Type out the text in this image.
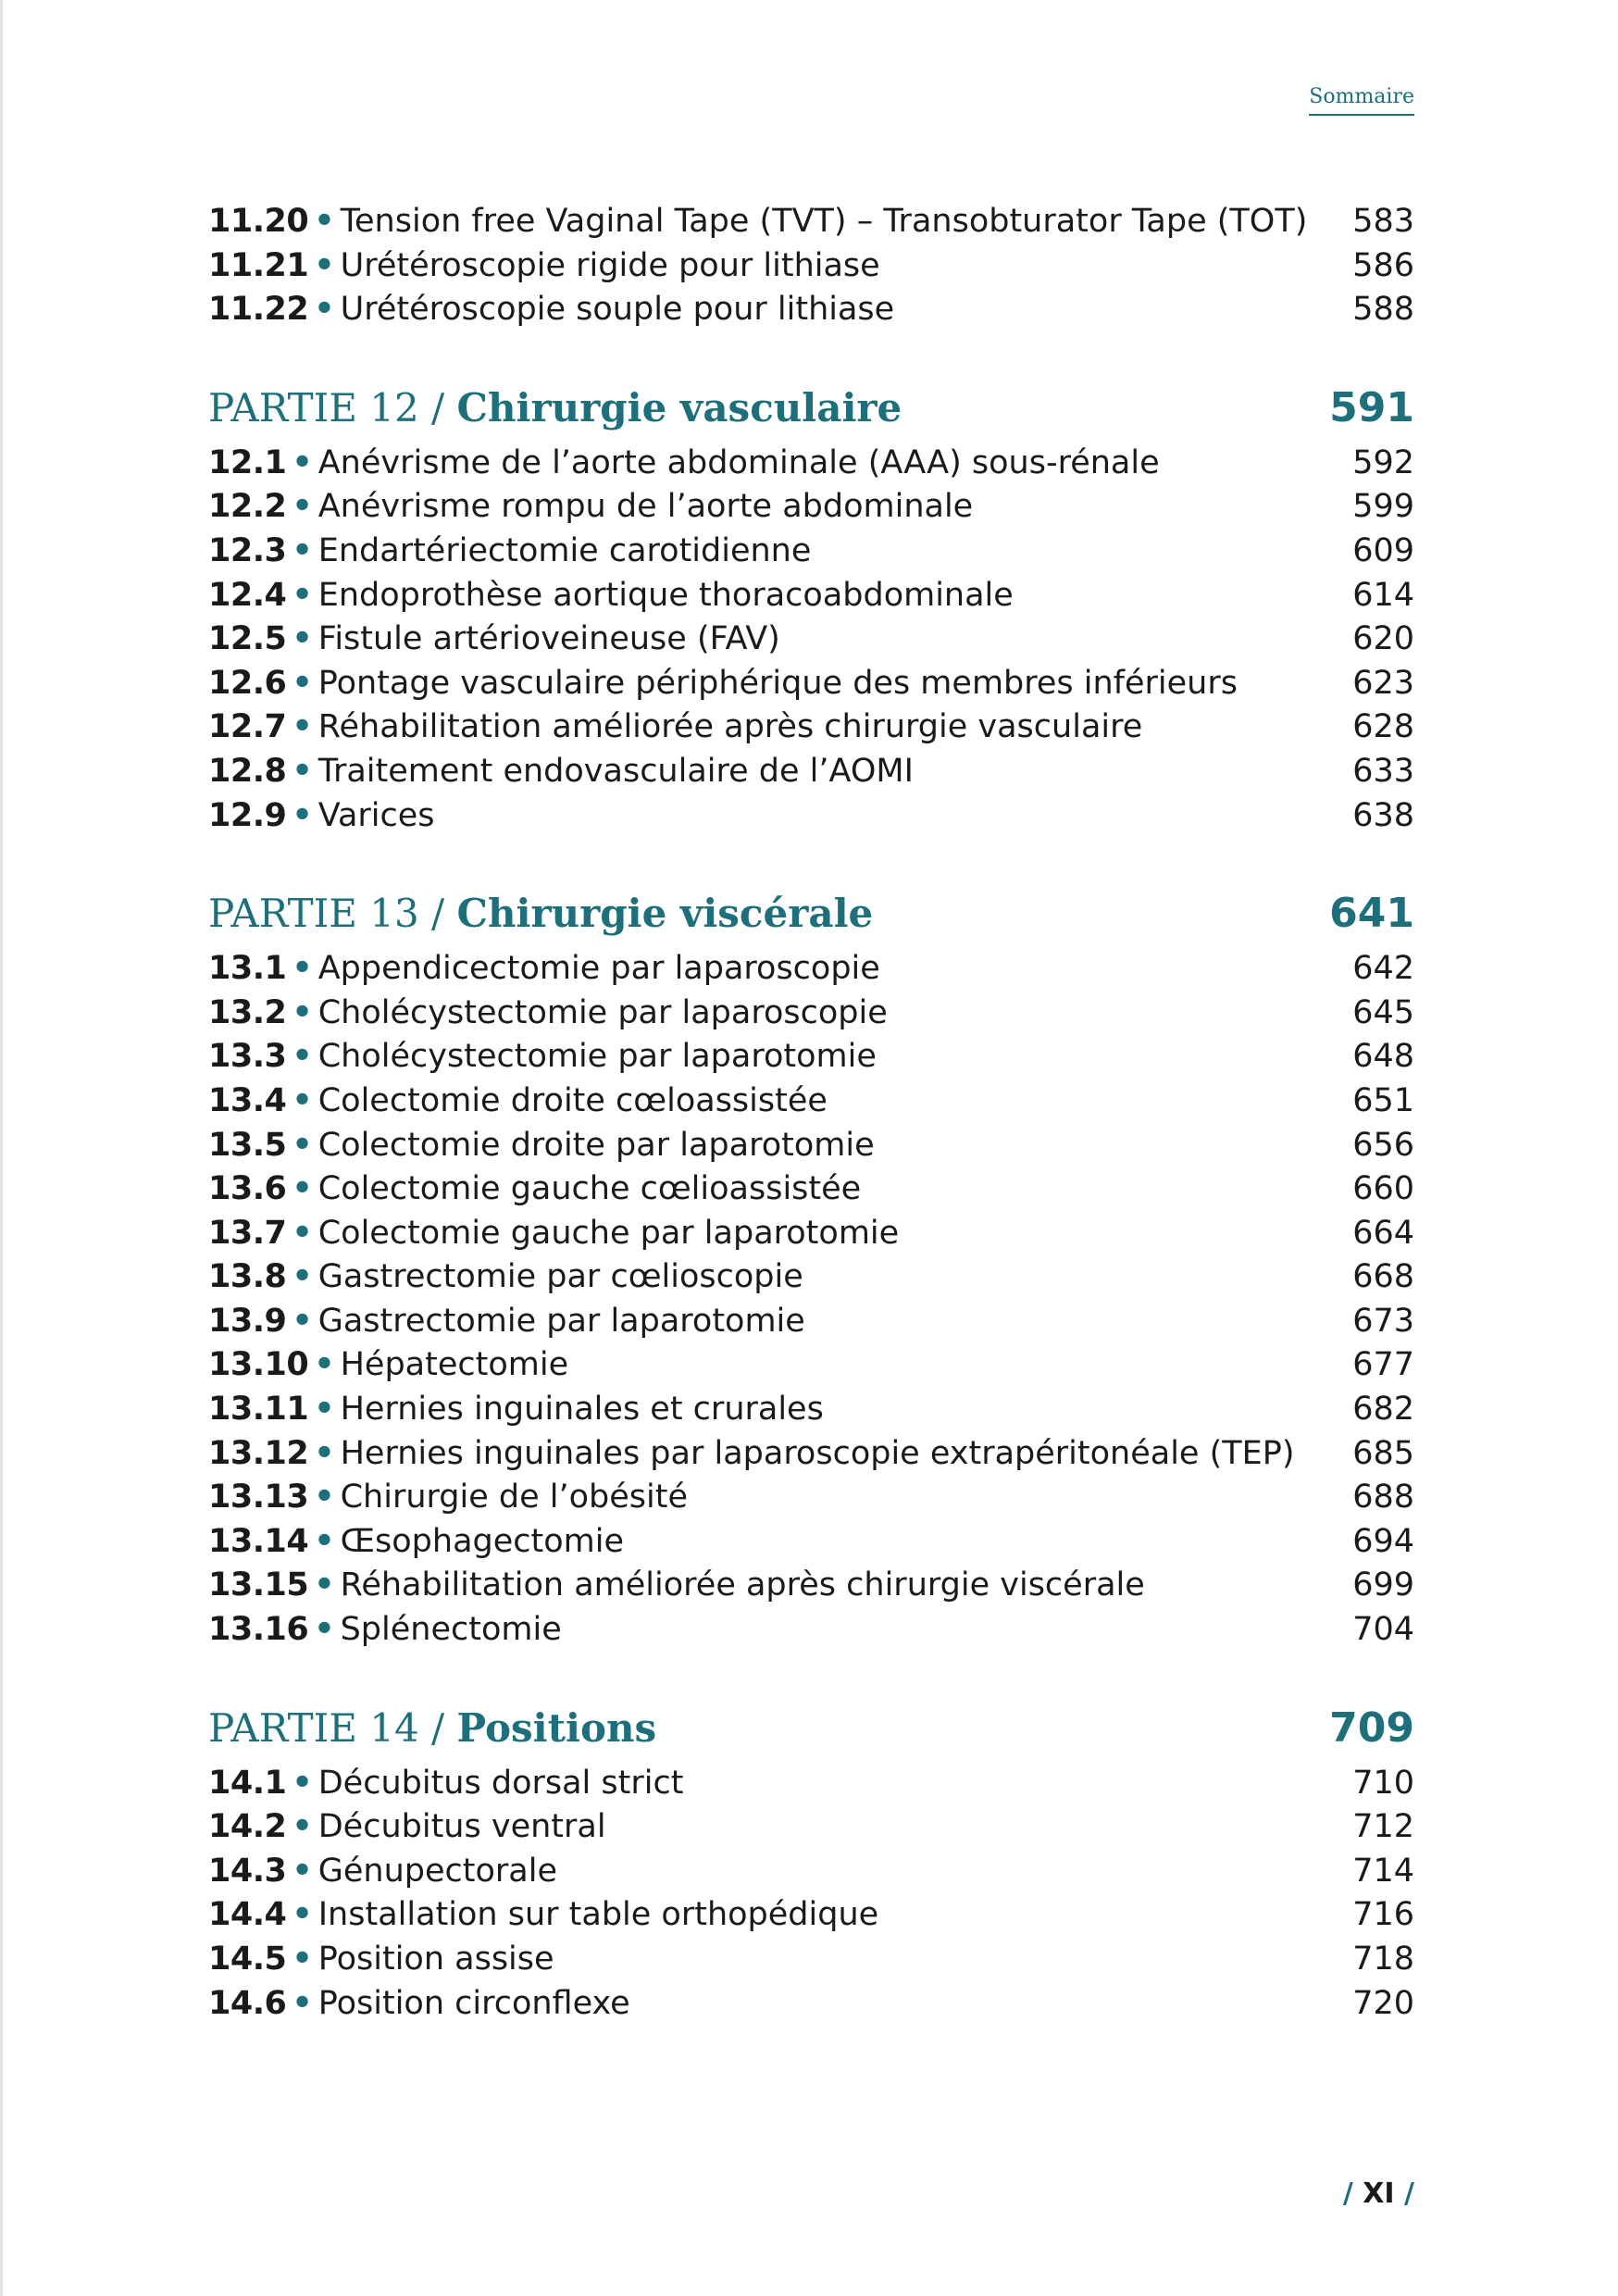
Sommaire
11.20 • Tension free Vaginal Tape (TVT) – Transobturator Tape (TOT)	583
11.21 • Urétéroscopie rigide pour lithiase	586
11.22 • Urétéroscopie souple pour lithiase	588
PARTIE 12 / Chirurgie vasculaire	591
12.1 • Anévrisme de l’aorte abdominale (AAA) sous-rénale	592
12.2 • Anévrisme rompu de l’aorte abdominale	599
12.3 • Endartériectomie carotidienne	609
12.4 • Endoprothèse aortique thoracoabdominale	614
12.5 • Fistule artérioveineuse (FAV)	620
12.6 • Pontage vasculaire périphérique des membres inférieurs	623
12.7 • Réhabilitation améliorée après chirurgie vasculaire	628
12.8 • Traitement endovasculaire de l’AOMI	633
12.9 • Varices	638
PARTIE 13 / Chirurgie viscérale	641
13.1 • Appendicectomie par laparoscopie	642
13.2 • Cholécystectomie par laparoscopie	645
13.3 • Cholécystectomie par laparotomie	648
13.4 • Colectomie droite cœloassistée	651
13.5 • Colectomie droite par laparotomie	656
13.6 • Colectomie gauche cœlioassistée	660
13.7 • Colectomie gauche par laparotomie	664
13.8 • Gastrectomie par cœlioscopie	668
13.9 • Gastrectomie par laparotomie	673
13.10 • Hépatectomie	677
13.11 • Hernies inguinales et crurales	682
13.12 • Hernies inguinales par laparoscopie extrapéritonéale (TEP)	685
13.13 • Chirurgie de l’obésité	688
13.14 • Œsophagectomie	694
13.15 • Réhabilitation améliorée après chirurgie viscérale	699
13.16 • Splénectomie	704
PARTIE 14 / Positions	709
14.1 • Décubitus dorsal strict	710
14.2 • Décubitus ventral	712
14.3 • Génupectorale	714
14.4 • Installation sur table orthopédique	716
14.5 • Position assise	718
14.6 • Position circonflexe	720
/ XI /
